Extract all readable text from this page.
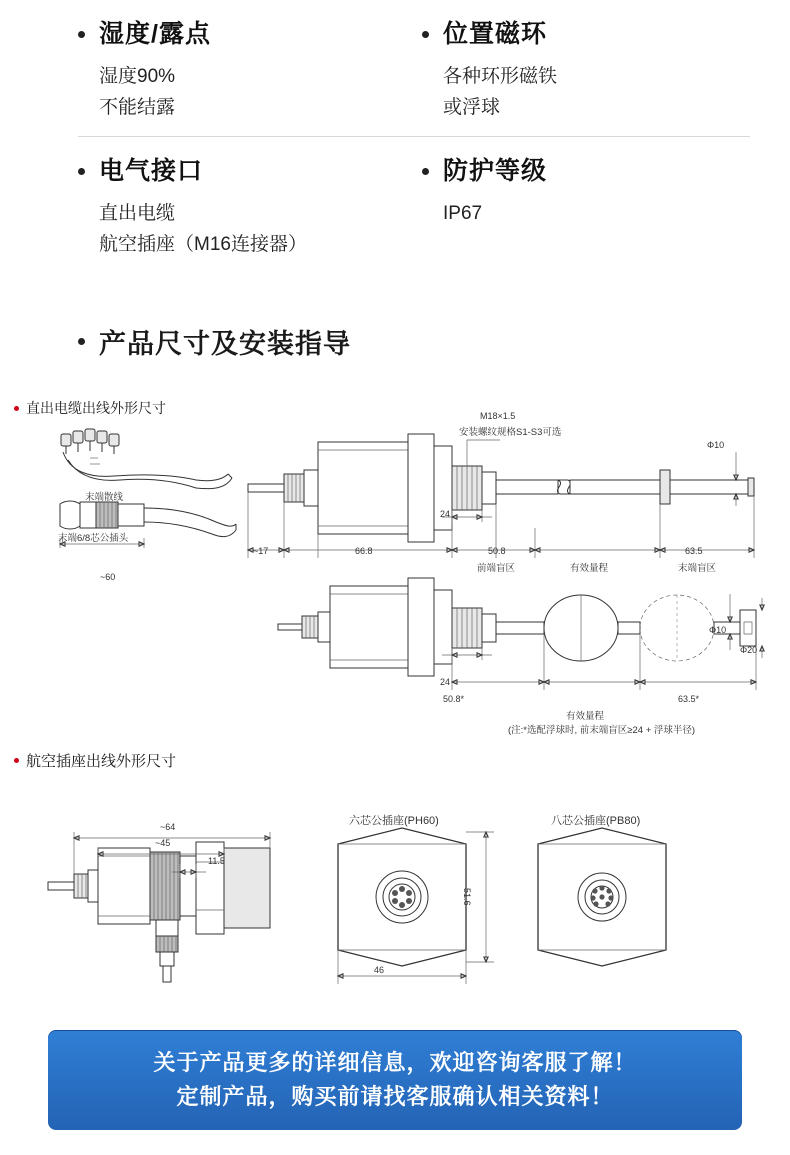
湿度/露点
湿度90%
不能结露
位置磁环
各种环形磁铁
或浮球
电气接口
直出电缆
航空插座（M16连接器）
防护等级
IP67
产品尺寸及安装指导
直出电缆出线外形尺寸
末端散线
末端6/8芯公插头
~60
M18×1.5
安装螺纹规格S1-S3可选
Φ10
24
~17	66.8	50.8
前端盲区	有效量程
63.5
末端盲区
24
50.8*
有效量程
63.5*
Φ10
Φ20
(注:*选配浮球时, 前末端盲区≥24 + 浮球半径)
航空插座出线外形尺寸
~64
~45
11.5
六芯公插座(PH60)	八芯公插座(PB80)
51.6
46
关于产品更多的详细信息，欢迎咨询客服了解！
定制产品，购买前请找客服确认相关资料！
